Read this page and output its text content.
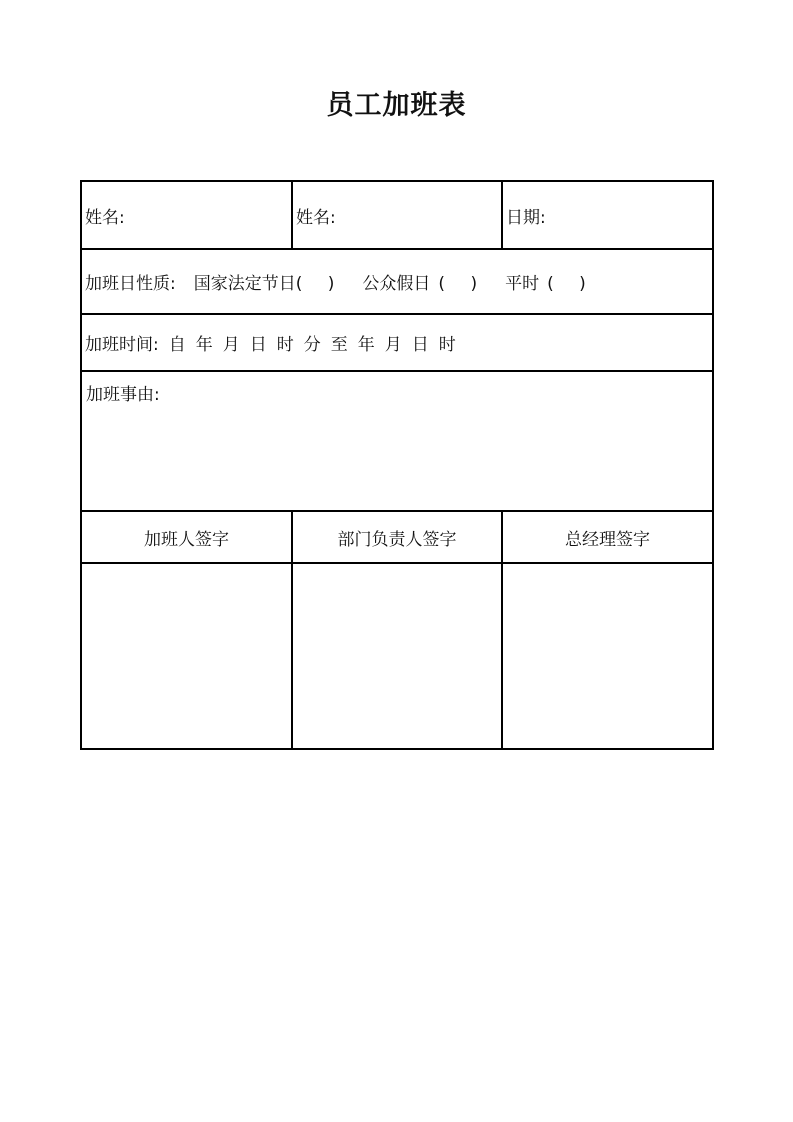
员工加班表
姓名:	姓名:	日期:
加班日性质: 国家法定节日( ) 公众假日 ( ) 平时 ( )		
加班时间: 自 年 月 日 时 分 至 年 月 日 时		

加班事由:		

加班人签字	部门负责人签字	总经理签字
